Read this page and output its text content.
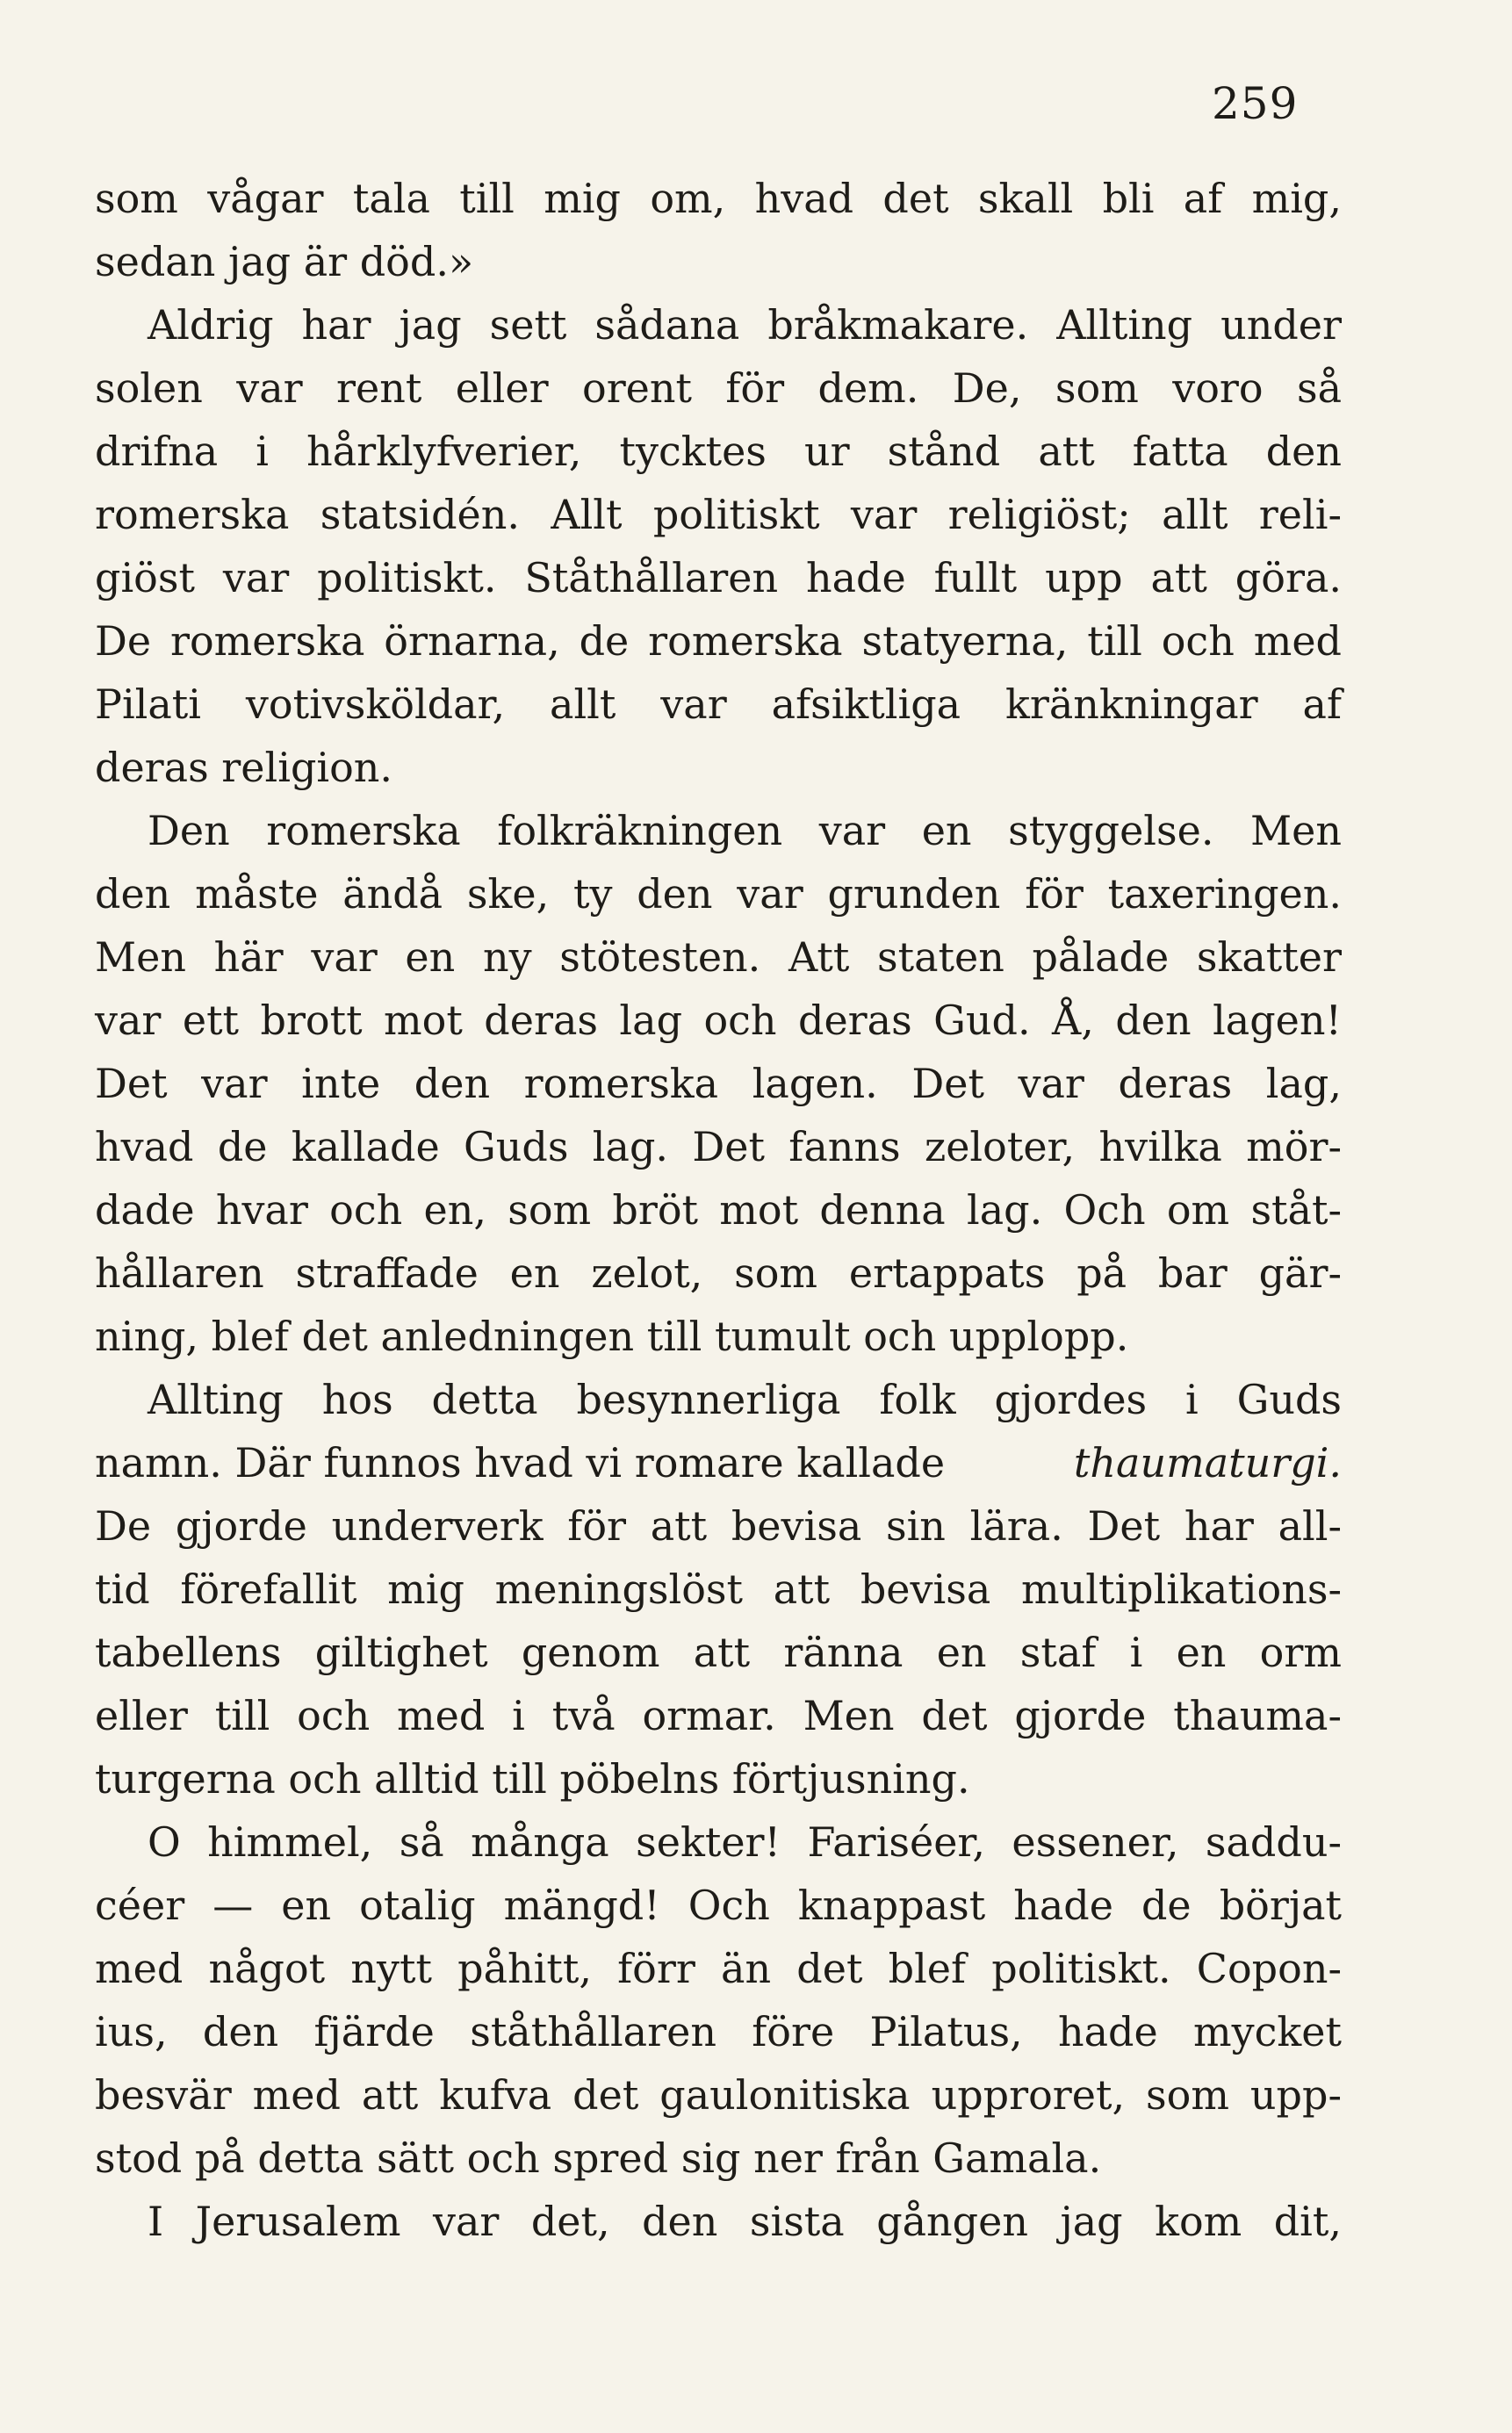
259
som vågar tala till mig om, hvad det skall bli af mig,
sedan jag är död.»
Aldrig har jag sett sådana bråkmakare. Allting under
solen var rent eller orent för dem. De, som voro så
drifna i hårklyfverier, tycktes ur stånd att fatta den
romerska statsidén. Allt politiskt var religiöst; allt reli-
giöst var politiskt. Ståthållaren hade fullt upp att göra.
De romerska örnarna, de romerska statyerna, till och med
Pilati votivsköldar, allt var afsiktliga kränkningar af
deras religion.
Den romerska folkräkningen var en styggelse. Men
den måste ändå ske, ty den var grunden för taxeringen.
Men här var en ny stötesten. Att staten pålade skatter
var ett brott mot deras lag och deras Gud. Å, den lagen!
Det var inte den romerska lagen. Det var deras lag,
hvad de kallade Guds lag. Det fanns zeloter, hvilka mör-
dade hvar och en, som bröt mot denna lag. Och om ståt-
hållaren straffade en zelot, som ertappats på bar gär-
ning, blef det anledningen till tumult och upplopp.
Allting hos detta besynnerliga folk gjordes i Guds
namn. Där funnos hvad vi romare kallade	thaumaturgi.
De gjorde underverk för att bevisa sin lära. Det har all-
tid förefallit mig meningslöst att bevisa multiplikations-
tabellens giltighet genom att ränna en staf i en orm
eller till och med i två ormar. Men det gjorde thauma-
turgerna och alltid till pöbelns förtjusning.
O himmel, så många sekter! Fariséer, essener, saddu-
céer — en otalig mängd! Och knappast hade de börjat
med något nytt påhitt, förr än det blef politiskt. Copon-
ius, den fjärde ståthållaren före Pilatus, hade mycket
besvär med att kufva det gaulonitiska upproret, som upp-
stod på detta sätt och spred sig ner från Gamala.
I Jerusalem var det, den sista gången jag kom dit,
